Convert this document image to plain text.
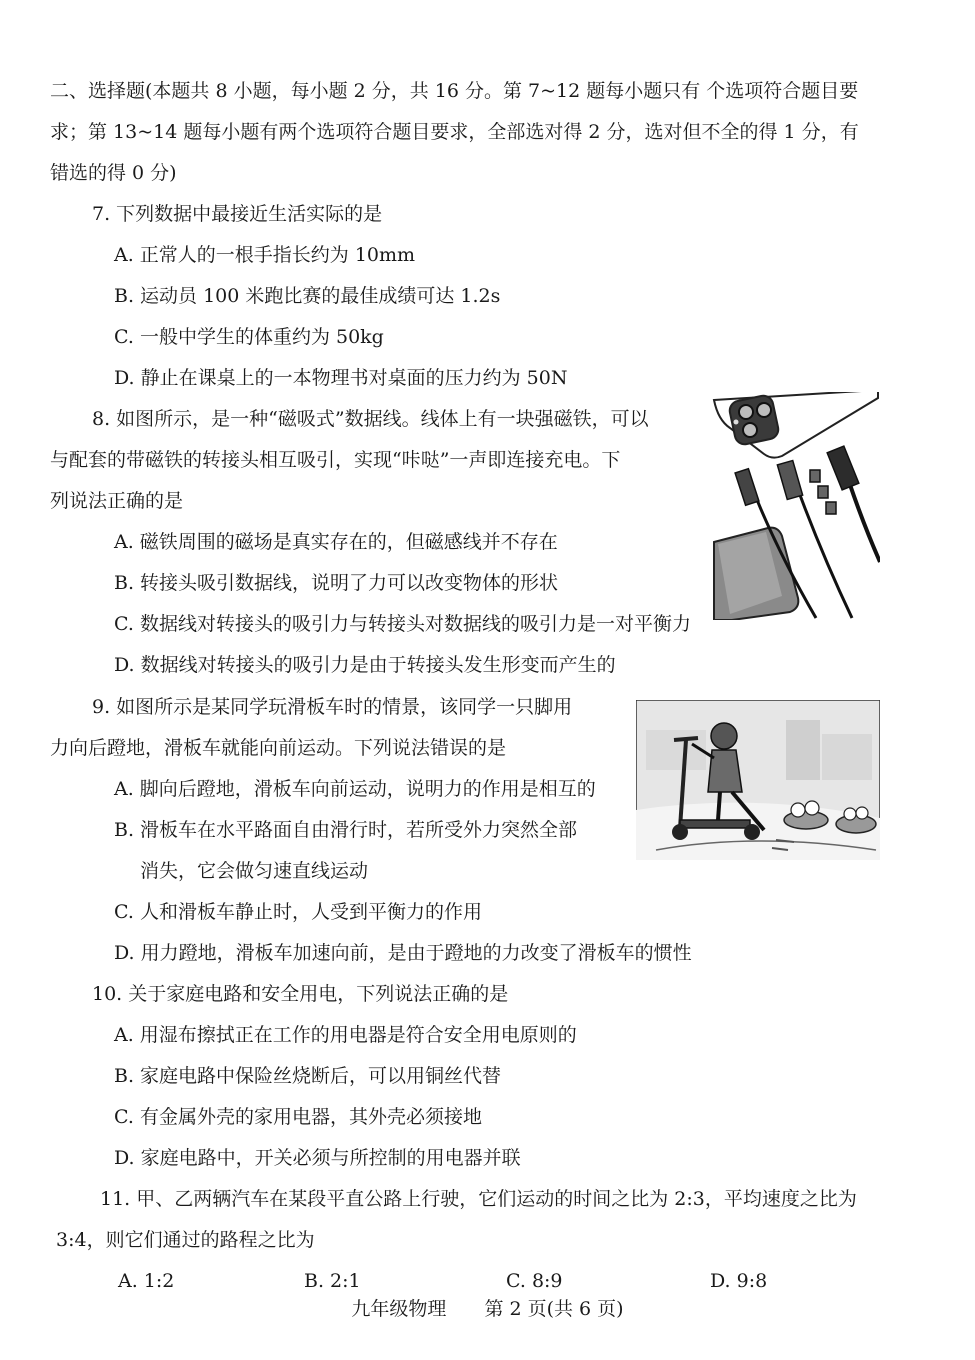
二、选择题(本题共 8 小题，每小题 2 分，共 16 分。第 7~12 题每小题只有 个选项符合题目要
求；第 13~14 题每小题有两个选项符合题目要求，全部选对得 2 分，选对但不全的得 1 分，有
错选的得 0 分)
7. 下列数据中最接近生活实际的是
A. 正常人的一根手指长约为 10mm
B. 运动员 100 米跑比赛的最佳成绩可达 1.2s
C. 一般中学生的体重约为 50kg
D. 静止在课桌上的一本物理书对桌面的压力约为 50N
8. 如图所示，是一种“磁吸式”数据线。线体上有一块强磁铁，可以
与配套的带磁铁的转接头相互吸引，实现“咔哒”一声即连接充电。下
列说法正确的是
A. 磁铁周围的磁场是真实存在的，但磁感线并不存在
B. 转接头吸引数据线，说明了力可以改变物体的形状
C. 数据线对转接头的吸引力与转接头对数据线的吸引力是一对平衡力
D. 数据线对转接头的吸引力是由于转接头发生形变而产生的
9. 如图所示是某同学玩滑板车时的情景，该同学一只脚用
力向后蹬地，滑板车就能向前运动。下列说法错误的是
A. 脚向后蹬地，滑板车向前运动，说明力的作用是相互的
B. 滑板车在水平路面自由滑行时，若所受外力突然全部
消失，它会做匀速直线运动
C. 人和滑板车静止时，人受到平衡力的作用
D. 用力蹬地，滑板车加速向前，是由于蹬地的力改变了滑板车的惯性
10. 关于家庭电路和安全用电，下列说法正确的是
A. 用湿布擦拭正在工作的用电器是符合安全用电原则的
B. 家庭电路中保险丝烧断后，可以用铜丝代替
C. 有金属外壳的家用电器，其外壳必须接地
D. 家庭电路中，开关必须与所控制的用电器并联
11. 甲、乙两辆汽车在某段平直公路上行驶，它们运动的时间之比为 2:3，平均速度之比为
3:4，则它们通过的路程之比为
A. 1:2	B. 2:1	C. 8:9	D. 9:8
九年级物理 第 2 页(共 6 页)
